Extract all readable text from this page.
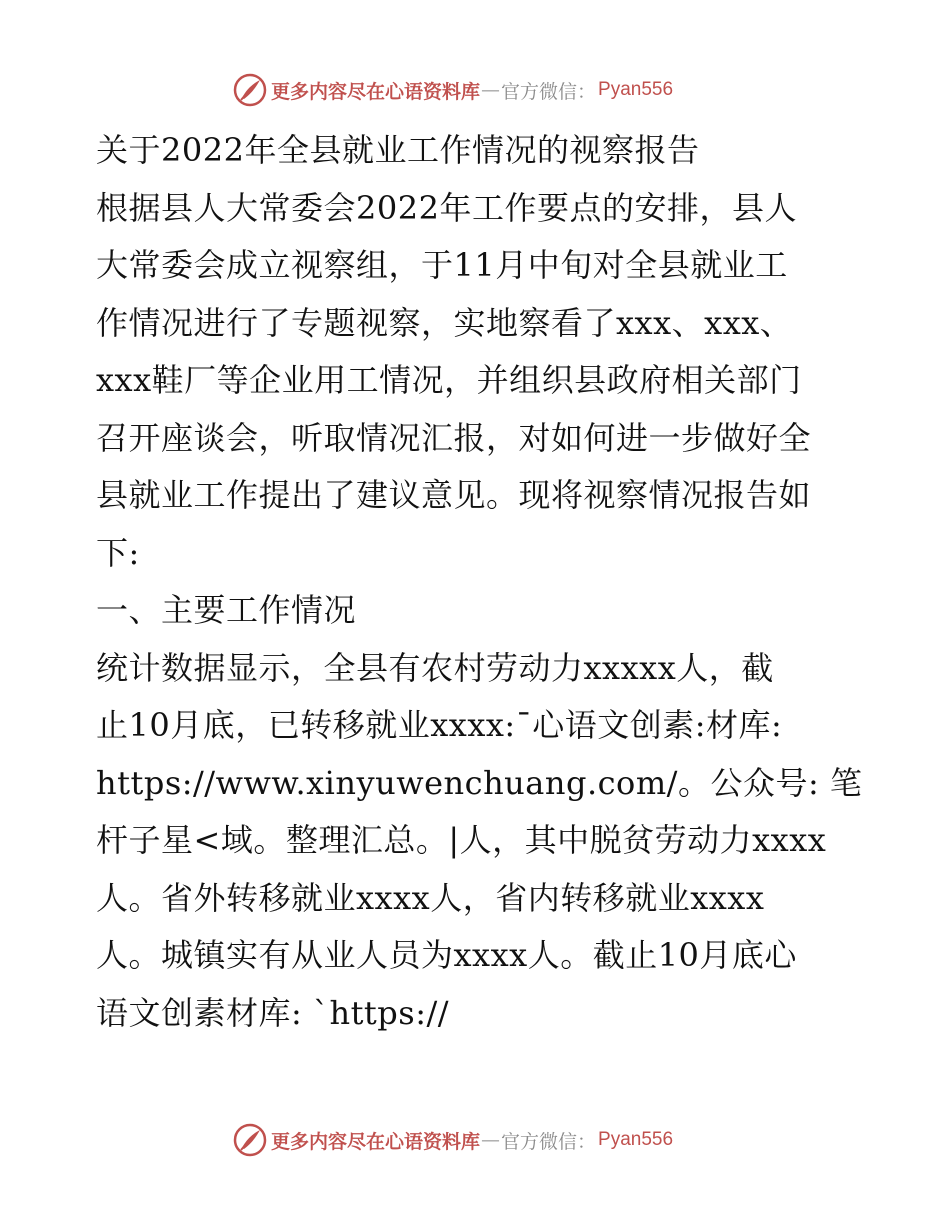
更多内容尽在心语资料库 — 官方微信： Pyan556
关于2022年全县就业工作情况的视察报告
根据县人大常委会2022年工作要点的安排，县人
大常委会成立视察组，于11月中旬对全县就业工
作情况进行了专题视察，实地察看了xxx、xxx、
xxx鞋厂等企业用工情况，并组织县政府相关部门
召开座谈会，听取情况汇报，对如何进一步做好全
县就业工作提出了建议意见。现将视察情况报告如
下:
一、主要工作情况
统计数据显示，全县有农村劳动力xxxxx人，截
止10月底，已转移就业xxxx:¯心语文创素:材库:
https://www.xinyuwenchuang.com/。公众号: 笔
杆子星<域。整理汇总。|人，其中脱贫劳动力xxxx
人。省外转移就业xxxx人，省内转移就业xxxx
人。城镇实有从业人员为xxxx人。截止10月底心
语文创素材库: `https://
更多内容尽在心语资料库 — 官方微信： Pyan556
